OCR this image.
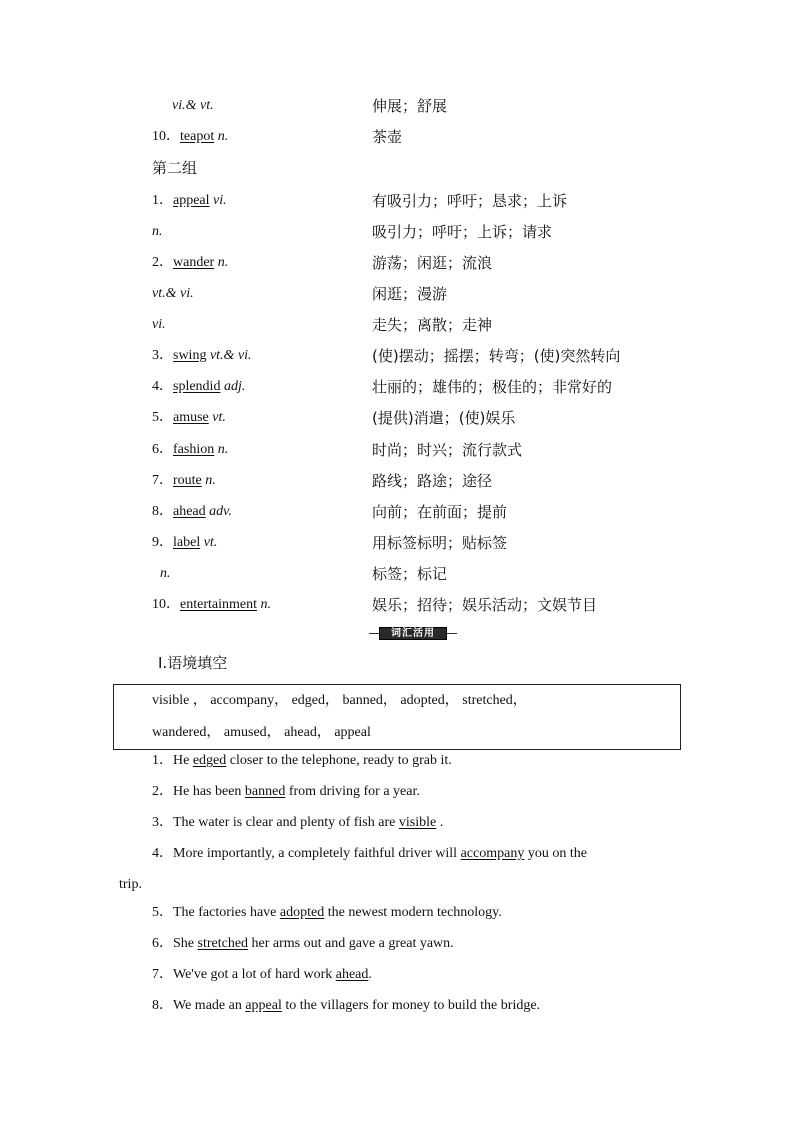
vi.& vt.	伸展；舒展
10．teapot n.	茶壶
第二组
1．appeal vi.	有吸引力；呼吁；恳求；上诉
n.	吸引力；呼吁；上诉；请求
2．wander n.	游荡；闲逛；流浪
vt.& vi.	闲逛；漫游
vi.	走失；离散；走神
3．swing vt.& vi.	(使)摆动；摇摆；转弯；(使)突然转向
4．splendid adj.	壮丽的；雄伟的；极佳的；非常好的
5．amuse vt.	(提供)消遣；(使)娱乐
6．fashion n.	时尚；时兴；流行款式
7．route n.	路线；路途；途径
8．ahead adv.	向前；在前面；提前
9．label vt.	用标签标明；贴标签
n.	标签；标记
10．entertainment n.	娱乐；招待；娱乐活动；文娱节目
词汇活用
Ⅰ.语境填空
visible ， accompany， edged， banned， adopted， stretched，
wandered， amused， ahead， appeal
1．He edged closer to the telephone, ready to grab it.
2．He has been banned from driving for a year.
3．The water is clear and plenty of fish are visible .
4．More importantly, a completely faithful driver will accompany you on the
trip.
5．The factories have adopted the newest modern technology.
6．She stretched her arms out and gave a great yawn.
7．We've got a lot of hard work ahead.
8．We made an appeal to the villagers for money to build the bridge.
